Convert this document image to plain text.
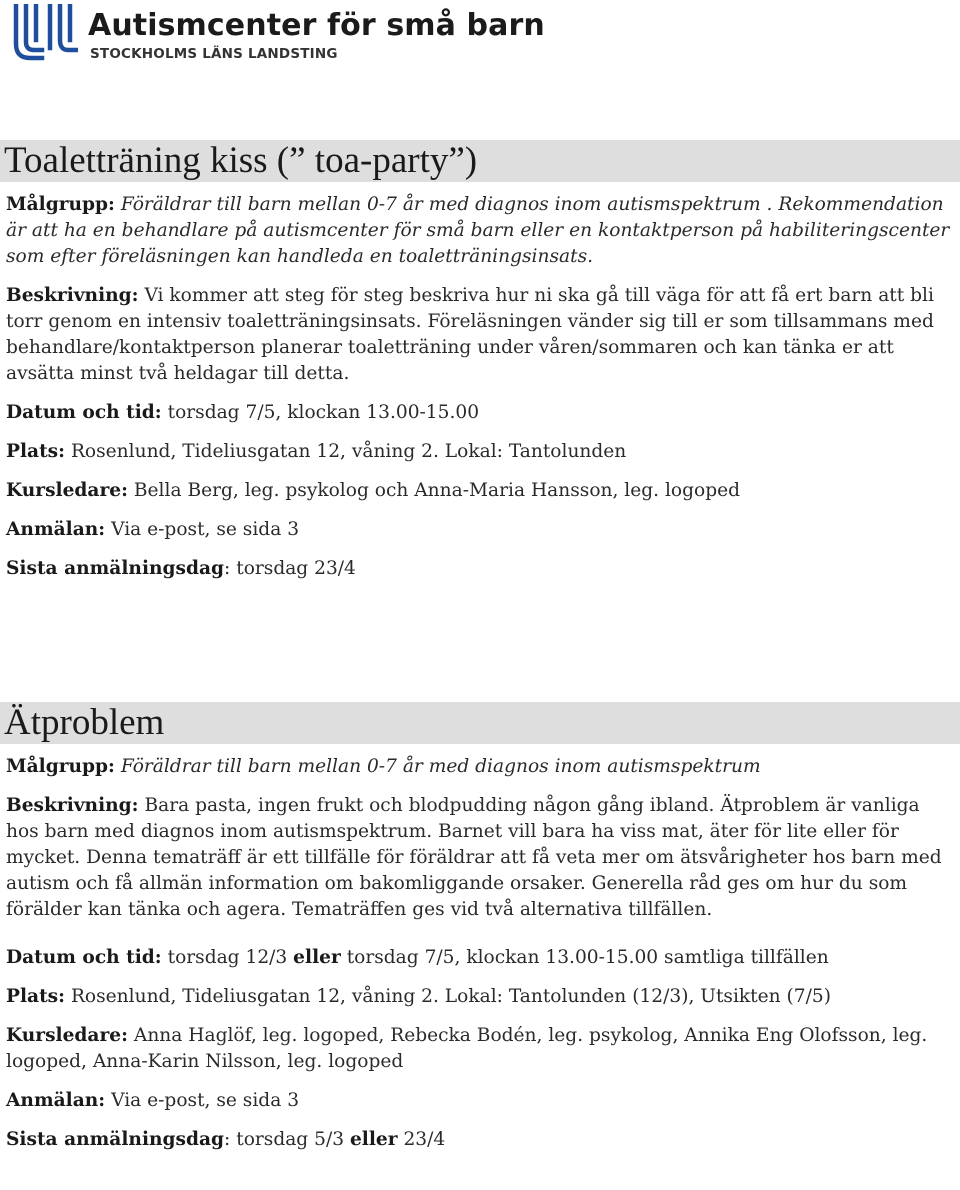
Autismcenter för små barn
STOCKHOLMS LÄNS LANDSTING
Toaletträning kiss (” toa-party”)

Målgrupp: Föräldrar till barn mellan 0-7 år med diagnos inom autismspektrum . Rekommendation är att ha en behandlare på autismcenter för små barn eller en kontaktperson på habiliteringscenter som efter föreläsningen kan handleda en toaletträningsinsats.

Beskrivning: Vi kommer att steg för steg beskriva hur ni ska gå till väga för att få ert barn att bli torr genom en intensiv toaletträningsinsats. Föreläsningen vänder sig till er som tillsammans med behandlare/kontaktperson planerar toaletträning under våren/sommaren och kan tänka er att avsätta minst två heldagar till detta.

Datum och tid: torsdag 7/5, klockan 13.00-15.00

Plats: Rosenlund, Tideliusgatan 12, våning 2. Lokal: Tantolunden

Kursledare: Bella Berg, leg. psykolog och Anna-Maria Hansson, leg. logoped

Anmälan: Via e-post, se sida 3

Sista anmälningsdag: torsdag 23/4

Ätproblem

Målgrupp: Föräldrar till barn mellan 0-7 år med diagnos inom autismspektrum

Beskrivning: Bara pasta, ingen frukt och blodpudding någon gång ibland. Ätproblem är vanliga hos barn med diagnos inom autismspektrum. Barnet vill bara ha viss mat, äter för lite eller för mycket. Denna tematräff är ett tillfälle för föräldrar att få veta mer om ätsvårigheter hos barn med autism och få allmän information om bakomliggande orsaker. Generella råd ges om hur du som förälder kan tänka och agera. Tematräffen ges vid två alternativa tillfällen.

Datum och tid: torsdag 12/3 eller torsdag 7/5, klockan 13.00-15.00 samtliga tillfällen

Plats: Rosenlund, Tideliusgatan 12, våning 2. Lokal: Tantolunden (12/3), Utsikten (7/5)

Kursledare: Anna Haglöf, leg. logoped, Rebecka Bodén, leg. psykolog, Annika Eng Olofsson, leg. logoped, Anna-Karin Nilsson, leg. logoped

Anmälan: Via e-post, se sida 3

Sista anmälningsdag: torsdag 5/3 eller 23/4
